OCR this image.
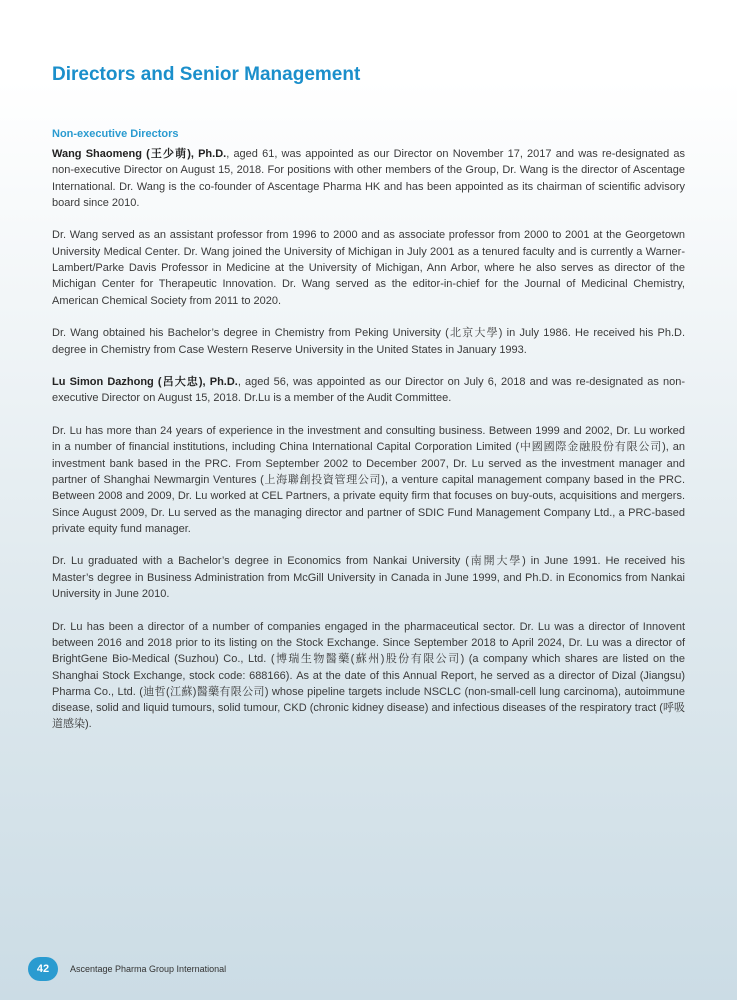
Directors and Senior Management
Non-executive Directors

Wang Shaomeng (王少萌), Ph.D., aged 61, was appointed as our Director on November 17, 2017 and was re-designated as non-executive Director on August 15, 2018. For positions with other members of the Group, Dr. Wang is the director of Ascentage International. Dr. Wang is the co-founder of Ascentage Pharma HK and has been appointed as its chairman of scientific advisory board since 2010.

Dr. Wang served as an assistant professor from 1996 to 2000 and as associate professor from 2000 to 2001 at the Georgetown University Medical Center. Dr. Wang joined the University of Michigan in July 2001 as a tenured faculty and is currently a Warner-Lambert/Parke Davis Professor in Medicine at the University of Michigan, Ann Arbor, where he also serves as director of the Michigan Center for Therapeutic Innovation. Dr. Wang served as the editor-in-chief for the Journal of Medicinal Chemistry, American Chemical Society from 2011 to 2020.

Dr. Wang obtained his Bachelor’s degree in Chemistry from Peking University (北京大學) in July 1986. He received his Ph.D. degree in Chemistry from Case Western Reserve University in the United States in January 1993.

Lu Simon Dazhong (呂大忠), Ph.D., aged 56, was appointed as our Director on July 6, 2018 and was re-designated as non-executive Director on August 15, 2018. Dr.Lu is a member of the Audit Committee.

Dr. Lu has more than 24 years of experience in the investment and consulting business. Between 1999 and 2002, Dr. Lu worked in a number of financial institutions, including China International Capital Corporation Limited (中國國際金融股份有限公司), an investment bank based in the PRC. From September 2002 to December 2007, Dr. Lu served as the investment manager and partner of Shanghai Newmargin Ventures (上海聯創投資管理公司), a venture capital management company based in the PRC. Between 2008 and 2009, Dr. Lu worked at CEL Partners, a private equity firm that focuses on buy-outs, acquisitions and mergers. Since August 2009, Dr. Lu served as the managing director and partner of SDIC Fund Management Company Ltd., a PRC-based private equity fund manager.

Dr. Lu graduated with a Bachelor’s degree in Economics from Nankai University (南開大學) in June 1991. He received his Master’s degree in Business Administration from McGill University in Canada in June 1999, and Ph.D. in Economics from Nankai University in June 2010.

Dr. Lu has been a director of a number of companies engaged in the pharmaceutical sector. Dr. Lu was a director of Innovent between 2016 and 2018 prior to its listing on the Stock Exchange. Since September 2018 to April 2024, Dr. Lu was a director of BrightGene Bio-Medical (Suzhou) Co., Ltd. (博瑞生物醫藥(蘇州)股份有限公司) (a company which shares are listed on the Shanghai Stock Exchange, stock code: 688166). As at the date of this Annual Report, he served as a director of Dizal (Jiangsu) Pharma Co., Ltd. (迪哲(江蘇)醫藥有限公司) whose pipeline targets include NSCLC (non-small-cell lung carcinoma), autoimmune disease, solid and liquid tumours, solid tumour, CKD (chronic kidney disease) and infectious diseases of the respiratory tract (呼吸道感染).

42	Ascentage Pharma Group International
